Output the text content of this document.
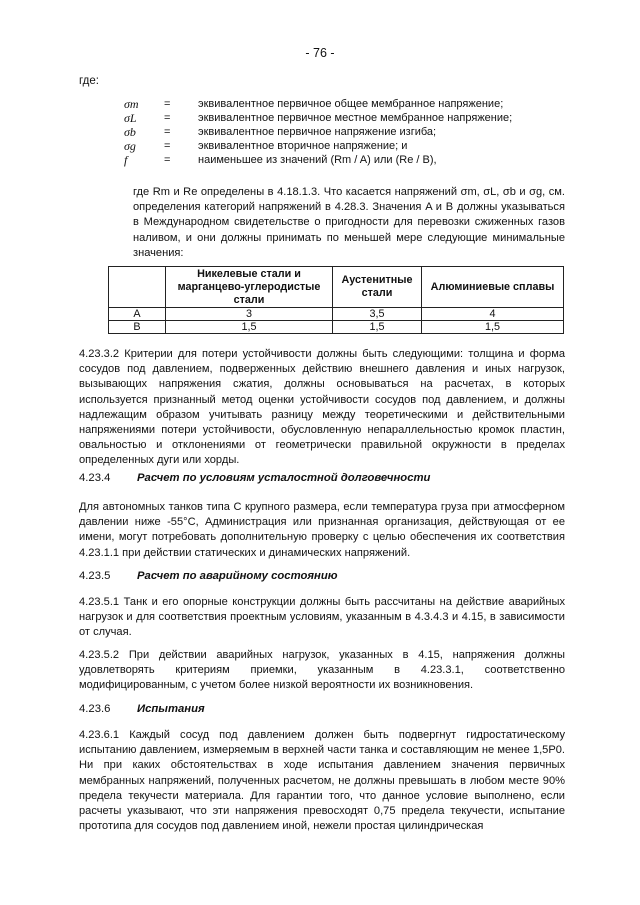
- 76 -
где:
σm	=	эквивалентное первичное общее мембранное напряжение;
σL	=	эквивалентное первичное местное мембранное напряжение;
σb	=	эквивалентное первичное напряжение изгиба;
σg	=	эквивалентное вторичное напряжение; и
f	=	наименьшее из значений (Rm / A) или (Re / B),

где Rm и Re определены в 4.18.1.3. Что касается напряжений σm, σL, σb и σg, см. определения категорий напряжений в 4.28.3. Значения A и B должны указываться в Международном свидетельстве о пригодности для перевозки сжиженных газов наливом, и они должны принимать по меньшей мере следующие минимальные значения:

	Никелевые стали и марганцево-углеродистые стали	Аустенитные стали	Алюминиевые сплавы
A	3	3,5	4
B	1,5	1,5	1,5

4.23.3.2 Критерии для потери устойчивости должны быть следующими: толщина и форма сосудов под давлением, подверженных действию внешнего давления и иных нагрузок, вызывающих напряжения сжатия, должны основываться на расчетах, в которых используется признанный метод оценки устойчивости сосудов под давлением, и должны надлежащим образом учитывать разницу между теоретическими и действительными напряжениями потери устойчивости, обусловленную непараллельностью кромок пластин, овальностью и отклонениями от геометрически правильной окружности в пределах определенных дуги или хорды.

4.23.4 Расчет по условиям усталостной долговечности

Для автономных танков типа C крупного размера, если температура груза при атмосферном давлении ниже -55°C, Администрация или признанная организация, действующая от ее имени, могут потребовать дополнительную проверку с целью обеспечения их соответствия 4.23.1.1 при действии статических и динамических напряжений.

4.23.5 Расчет по аварийному состоянию

4.23.5.1 Танк и его опорные конструкции должны быть рассчитаны на действие аварийных нагрузок и для соответствия проектным условиям, указанным в 4.3.4.3 и 4.15, в зависимости от случая.

4.23.5.2 При действии аварийных нагрузок, указанных в 4.15, напряжения должны удовлетворять критериям приемки, указанным в 4.23.3.1, соответственно модифицированным, с учетом более низкой вероятности их возникновения.

4.23.6 Испытания

4.23.6.1 Каждый сосуд под давлением должен быть подвергнут гидростатическому испытанию давлением, измеряемым в верхней части танка и составляющим не менее 1,5P0. Ни при каких обстоятельствах в ходе испытания давлением значения первичных мембранных напряжений, полученных расчетом, не должны превышать в любом месте 90% предела текучести материала. Для гарантии того, что данное условие выполнено, если расчеты указывают, что эти напряжения превосходят 0,75 предела текучести, испытание прототипа для сосудов под давлением иной, нежели простая цилиндрическая
